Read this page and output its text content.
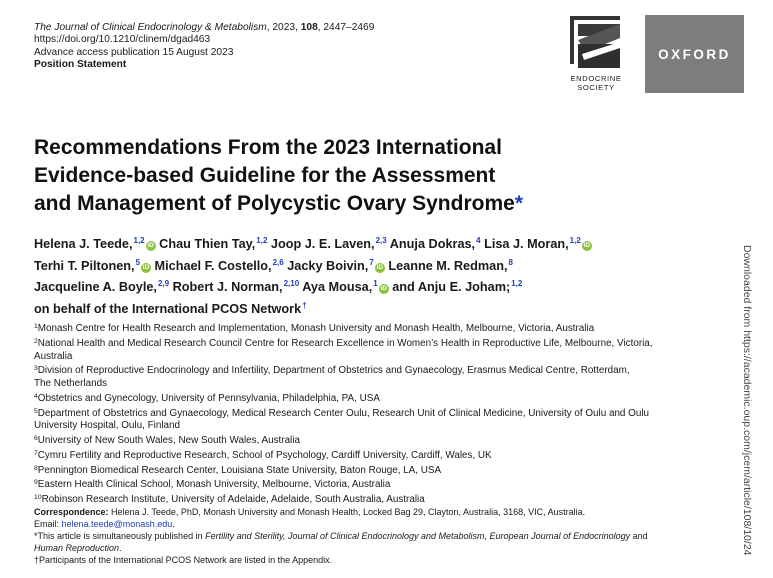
The Journal of Clinical Endocrinology & Metabolism, 2023, 108, 2447–2469
https://doi.org/10.1210/clinem/dgad463
Advance access publication 15 August 2023
Position Statement
ENDOCRINE
SOCIETY
OXFORD
Recommendations From the 2023 International
Evidence-based Guideline for the Assessment
and Management of Polycystic Ovary Syndrome*
Helena J. Teede,$^{1,2}$iD Chau Thien Tay,$^{1,2}$ Joop J. E. Laven,$^{2,3}$ Anuja Dokras,$^4$ Lisa J. Moran,$^{1,2}$iD
Terhi T. Piltonen,$^5$iD Michael F. Costello,$^{2,6}$ Jacky Boivin,$^7$iD Leanne M. Redman,$^8$
Jacqueline A. Boyle,$^{2,9}$ Robert J. Norman,$^{2,10}$ Aya Mousa,$^1$iD and Anju E. Joham;$^{1,2}$
on behalf of the International PCOS Network†
$^1$Monash Centre for Health Research and Implementation, Monash University and Monash Health, Melbourne, Victoria, Australia
$^2$National Health and Medical Research Council Centre for Research Excellence in Women’s Health in Reproductive Life, Melbourne, Victoria,
Australia
$^3$Division of Reproductive Endocrinology and Infertility, Department of Obstetrics and Gynaecology, Erasmus Medical Centre, Rotterdam,
The Netherlands
$^4$Obstetrics and Gynecology, University of Pennsylvania, Philadelphia, PA, USA
$^5$Department of Obstetrics and Gynaecology, Medical Research Center Oulu, Research Unit of Clinical Medicine, University of Oulu and Oulu
University Hospital, Oulu, Finland
$^6$University of New South Wales, New South Wales, Australia
$^7$Cymru Fertility and Reproductive Research, School of Psychology, Cardiff University, Cardiff, Wales, UK
$^8$Pennington Biomedical Research Center, Louisiana State University, Baton Rouge, LA, USA
$^9$Eastern Health Clinical School, Monash University, Melbourne, Victoria, Australia
$^{10}$Robinson Research Institute, University of Adelaide, Adelaide, South Australia, Australia
Correspondence: Helena J. Teede, PhD, Monash University and Monash Health, Locked Bag 29, Clayton, Australia, 3168, VIC, Australia.
Email: helena.teede@monash.edu.
*This article is simultaneously published in Fertility and Sterility, Journal of Clinical Endocrinology and Metabolism, European Journal of Endocrinology and
Human Reproduction.
†Participants of the International PCOS Network are listed in the Appendix.
Downloaded from https://academic.oup.com/jcem/article/108/10/24
